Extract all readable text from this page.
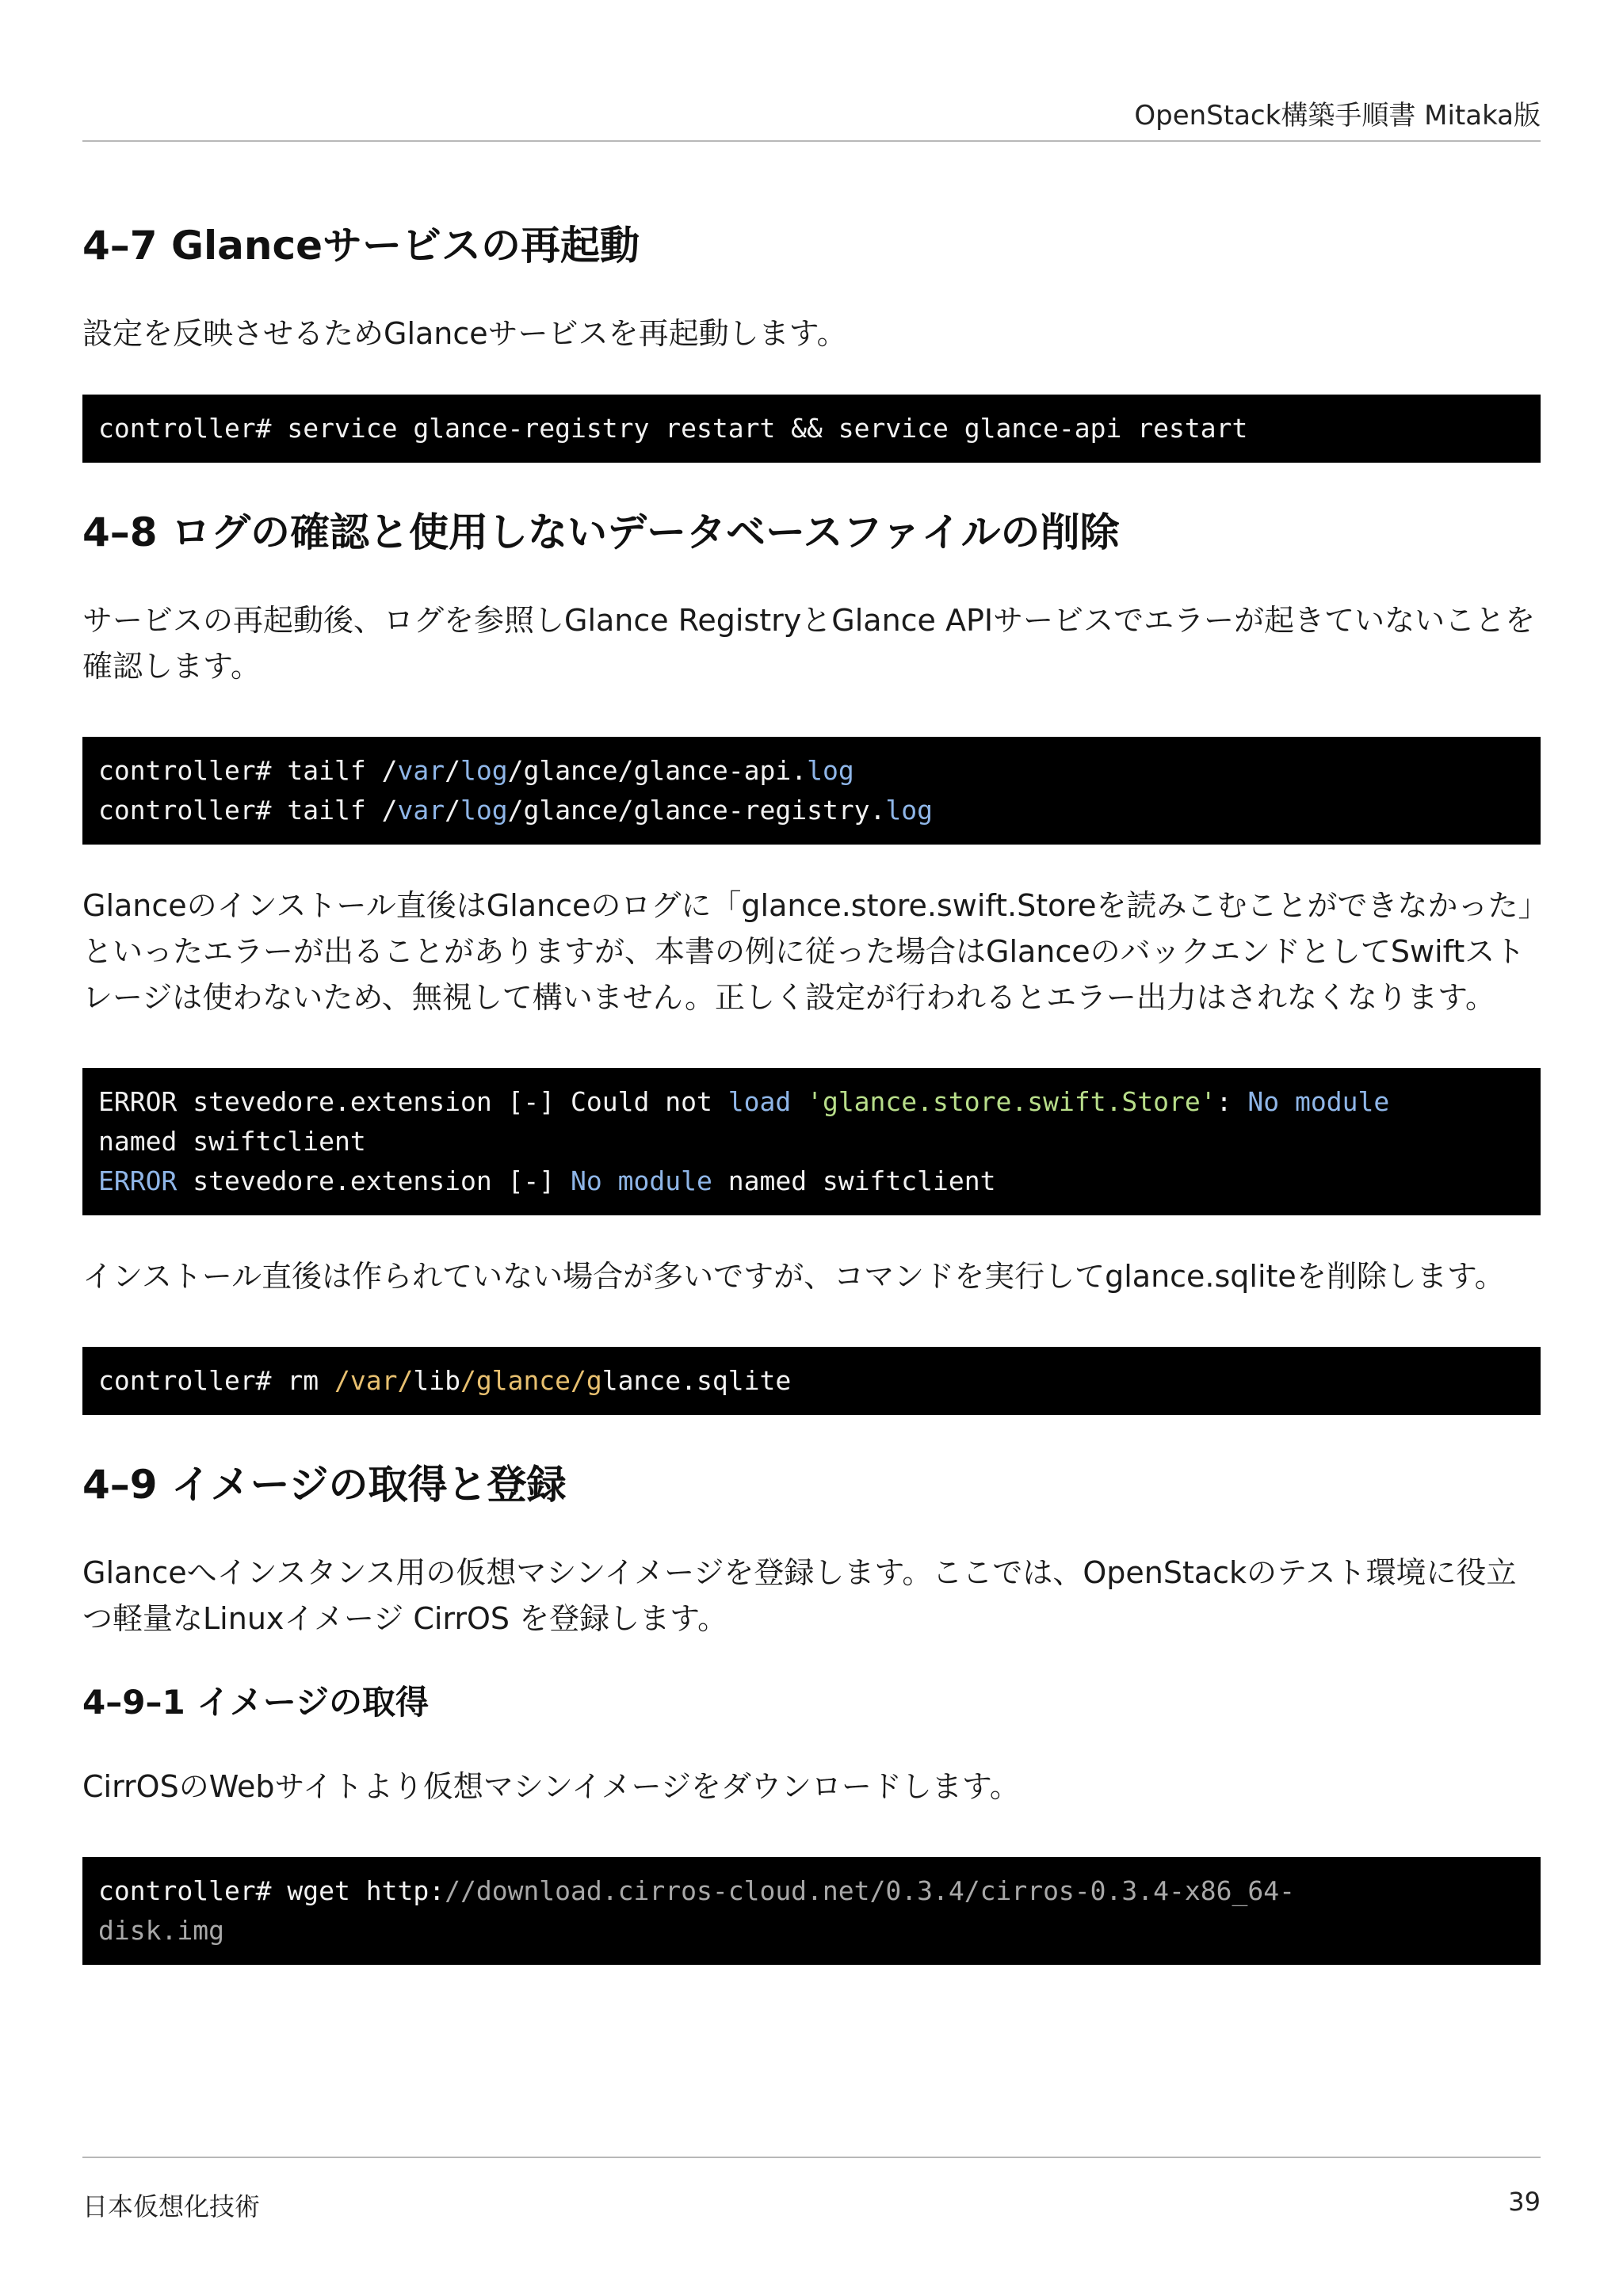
OpenStack構築手順書 Mitaka版
4–7 Glanceサービスの再起動

設定を反映させるためGlanceサービスを再起動します。

controller# service glance-registry restart && service glance-api restart
4–8 ログの確認と使用しないデータベースファイルの削除

サービスの再起動後、ログを参照しGlance RegistryとGlance APIサービスでエラーが起きていないことを確認します。

controller# tailf /var/log/glance/glance-api.log
controller# tailf /var/log/glance/glance-registry.log

Glanceのインストール直後はGlanceのログに「glance.store.swift.Storeを読みこむことができなかった」といったエラーが出ることがありますが、本書の例に従った場合はGlanceのバックエンドとしてSwiftストレージは使わないため、無視して構いません。正しく設定が行われるとエラー出力はされなくなります。

ERROR stevedore.extension [-] Could not load 'glance.store.swift.Store': No module
named swiftclient
ERROR stevedore.extension [-] No module named swiftclient

インストール直後は作られていない場合が多いですが、コマンドを実行してglance.sqliteを削除します。

controller# rm /var/lib/glance/glance.sqlite
4–9 イメージの取得と登録

Glanceへインスタンス用の仮想マシンイメージを登録します。ここでは、OpenStackのテスト環境に役立つ軽量なLinuxイメージ CirrOS を登録します。

4–9–1 イメージの取得

CirrOSのWebサイトより仮想マシンイメージをダウンロードします。

controller# wget http://download.cirros-cloud.net/0.3.4/cirros-0.3.4-x86_64-
disk.img
日本仮想化技術	39
